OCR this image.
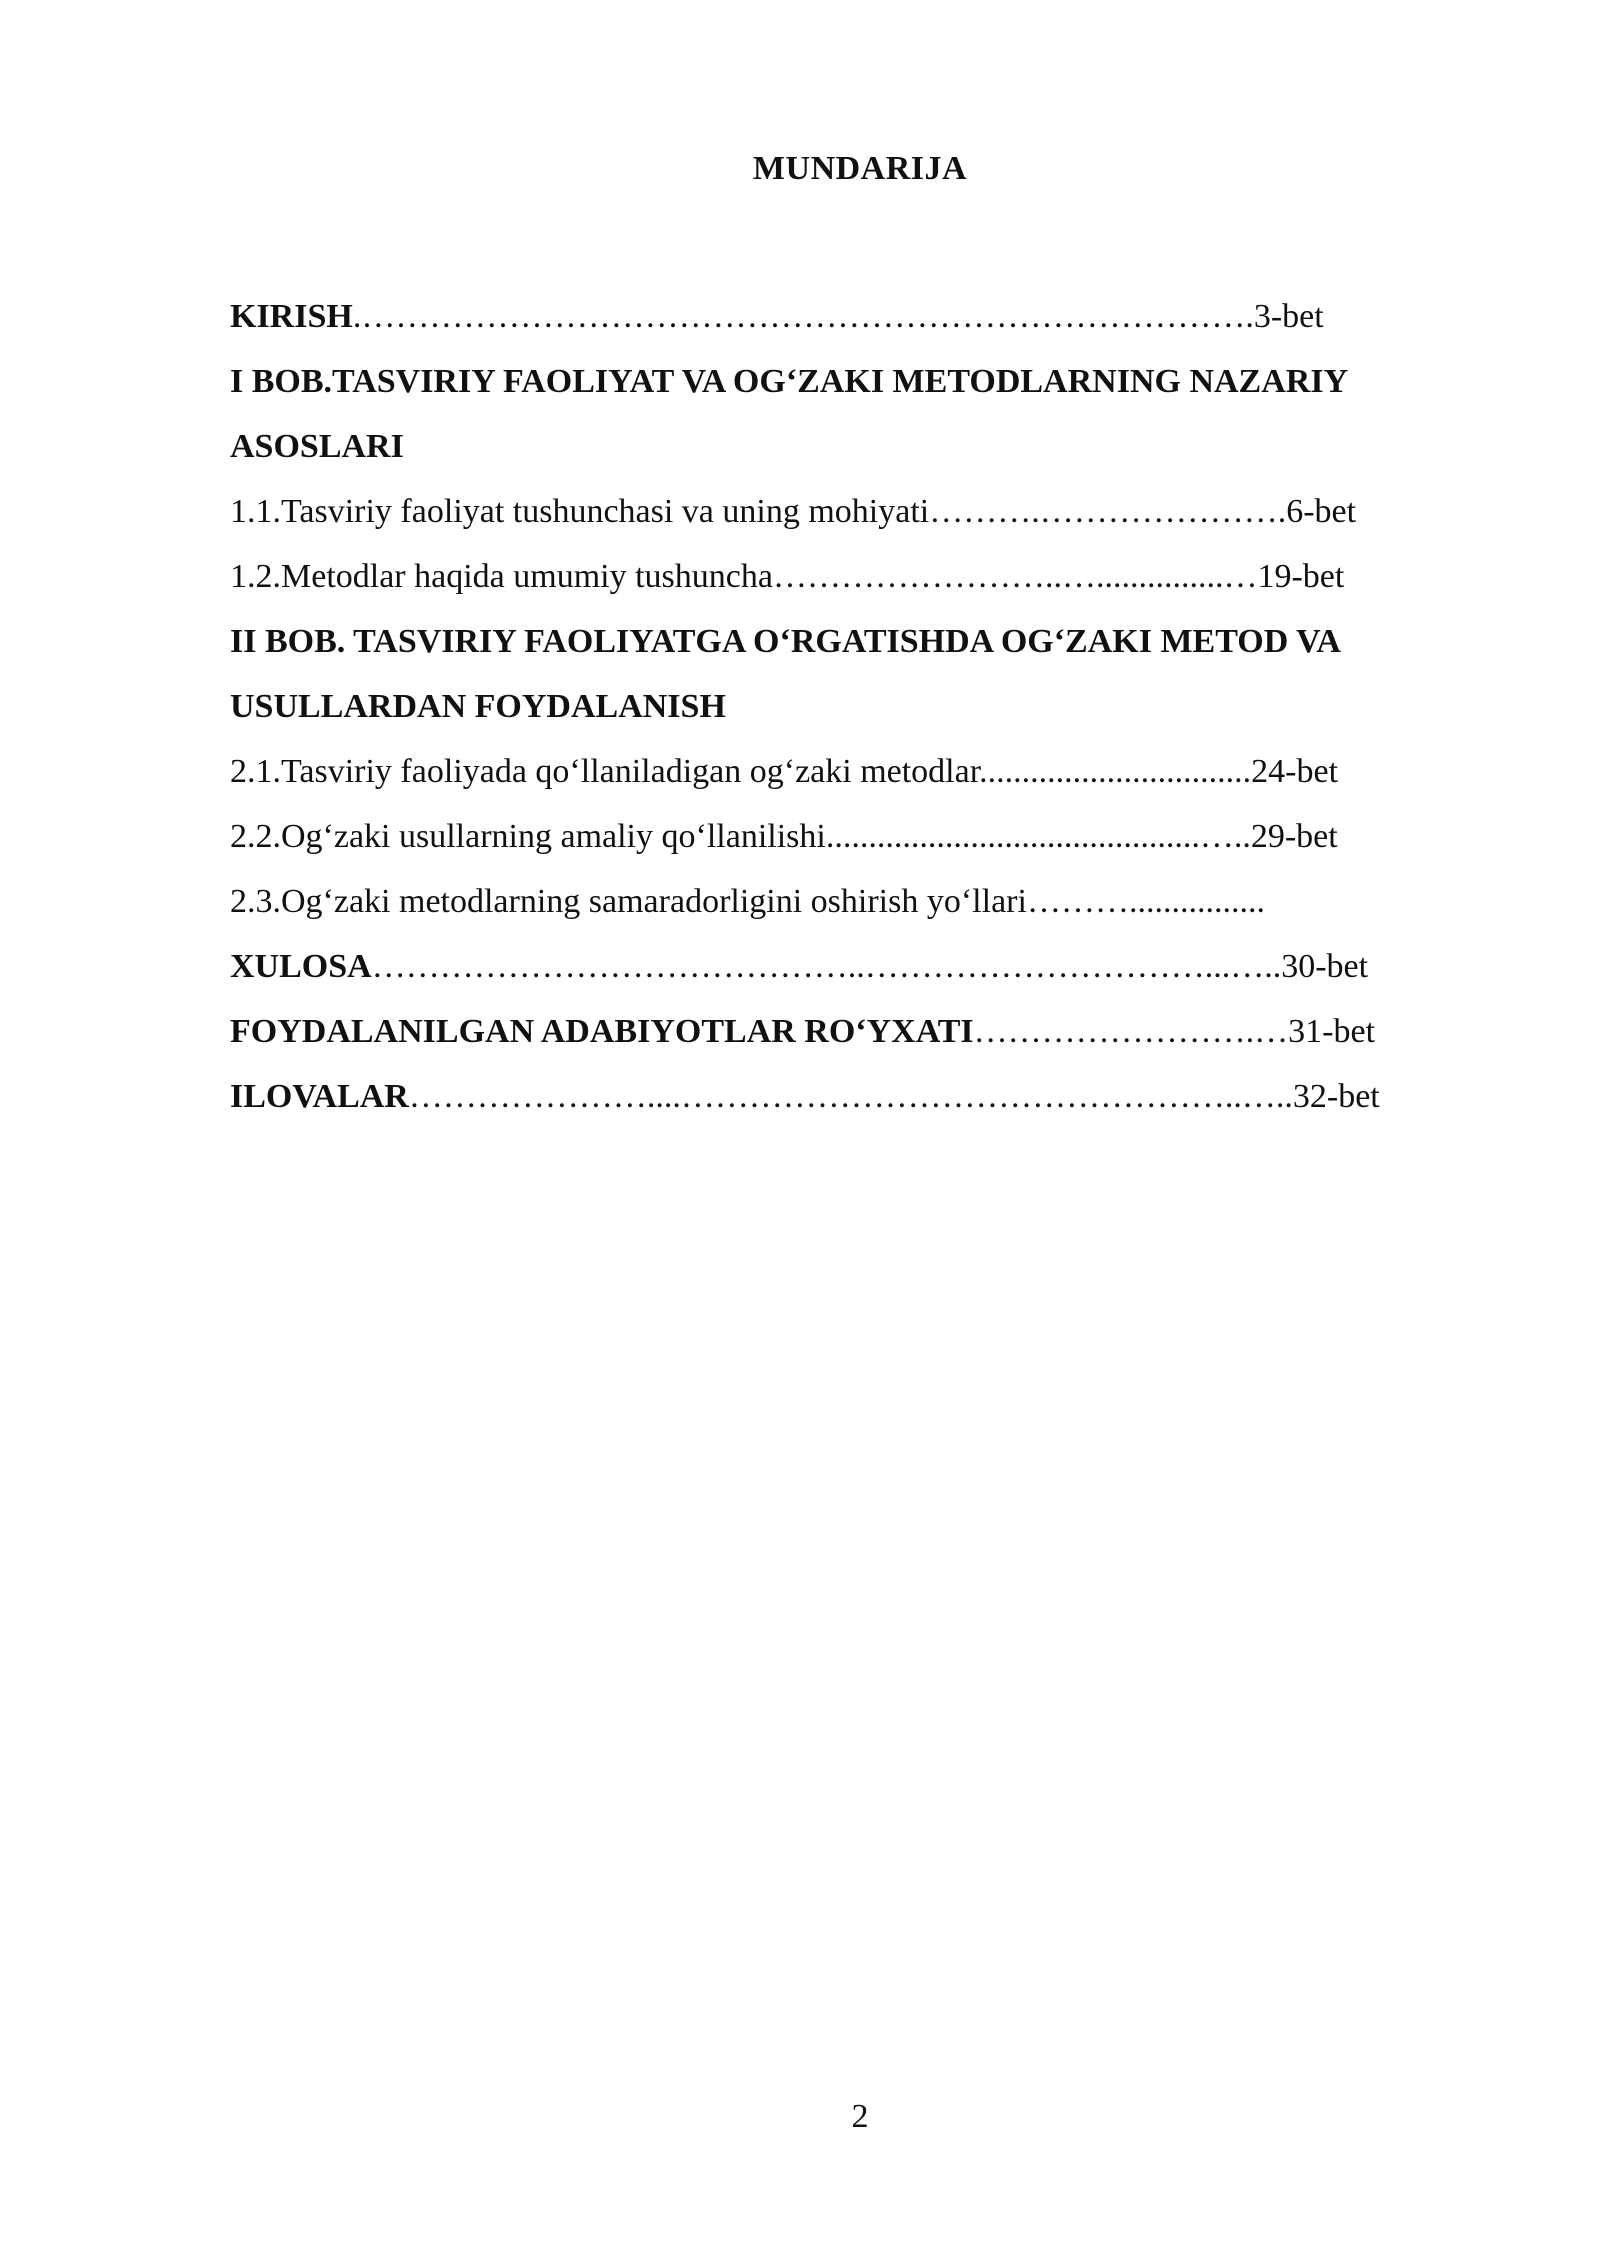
MUNDARIJA
KIRISH.…………………………………………………………………….3-bet
I BOB.TASVIRIY FAOLIYAT VA OG‘ZAKI METODLARNING NAZARIY
ASOSLARI
1.1.Tasviriy faoliyat tushunchasi va uning mohiyati……….………………….6-bet
1.2.Metodlar haqida umumiy tushuncha……………………..…...............…19-bet
II BOB. TASVIRIY FAOLIYATGA O‘RGATISHDA OG‘ZAKI METOD VA
USULLARDAN FOYDALANISH
2.1.Tasviriy faoliyada qo‘llaniladigan og‘zaki metodlar................................24-bet
2.2.Og‘zaki usullarning amaliy qo‘llanilishi............................................…..29-bet
2.3.Og‘zaki metodlarning samaradorligini oshirish yo‘llari………................
XULOSA……………………………………..…………………………...…..30-bet
FOYDALANILGAN ADABIYOTLAR RO‘YXATI…………………….…31-bet
ILOVALAR…………………....…………………………………………..…..32-bet
2
